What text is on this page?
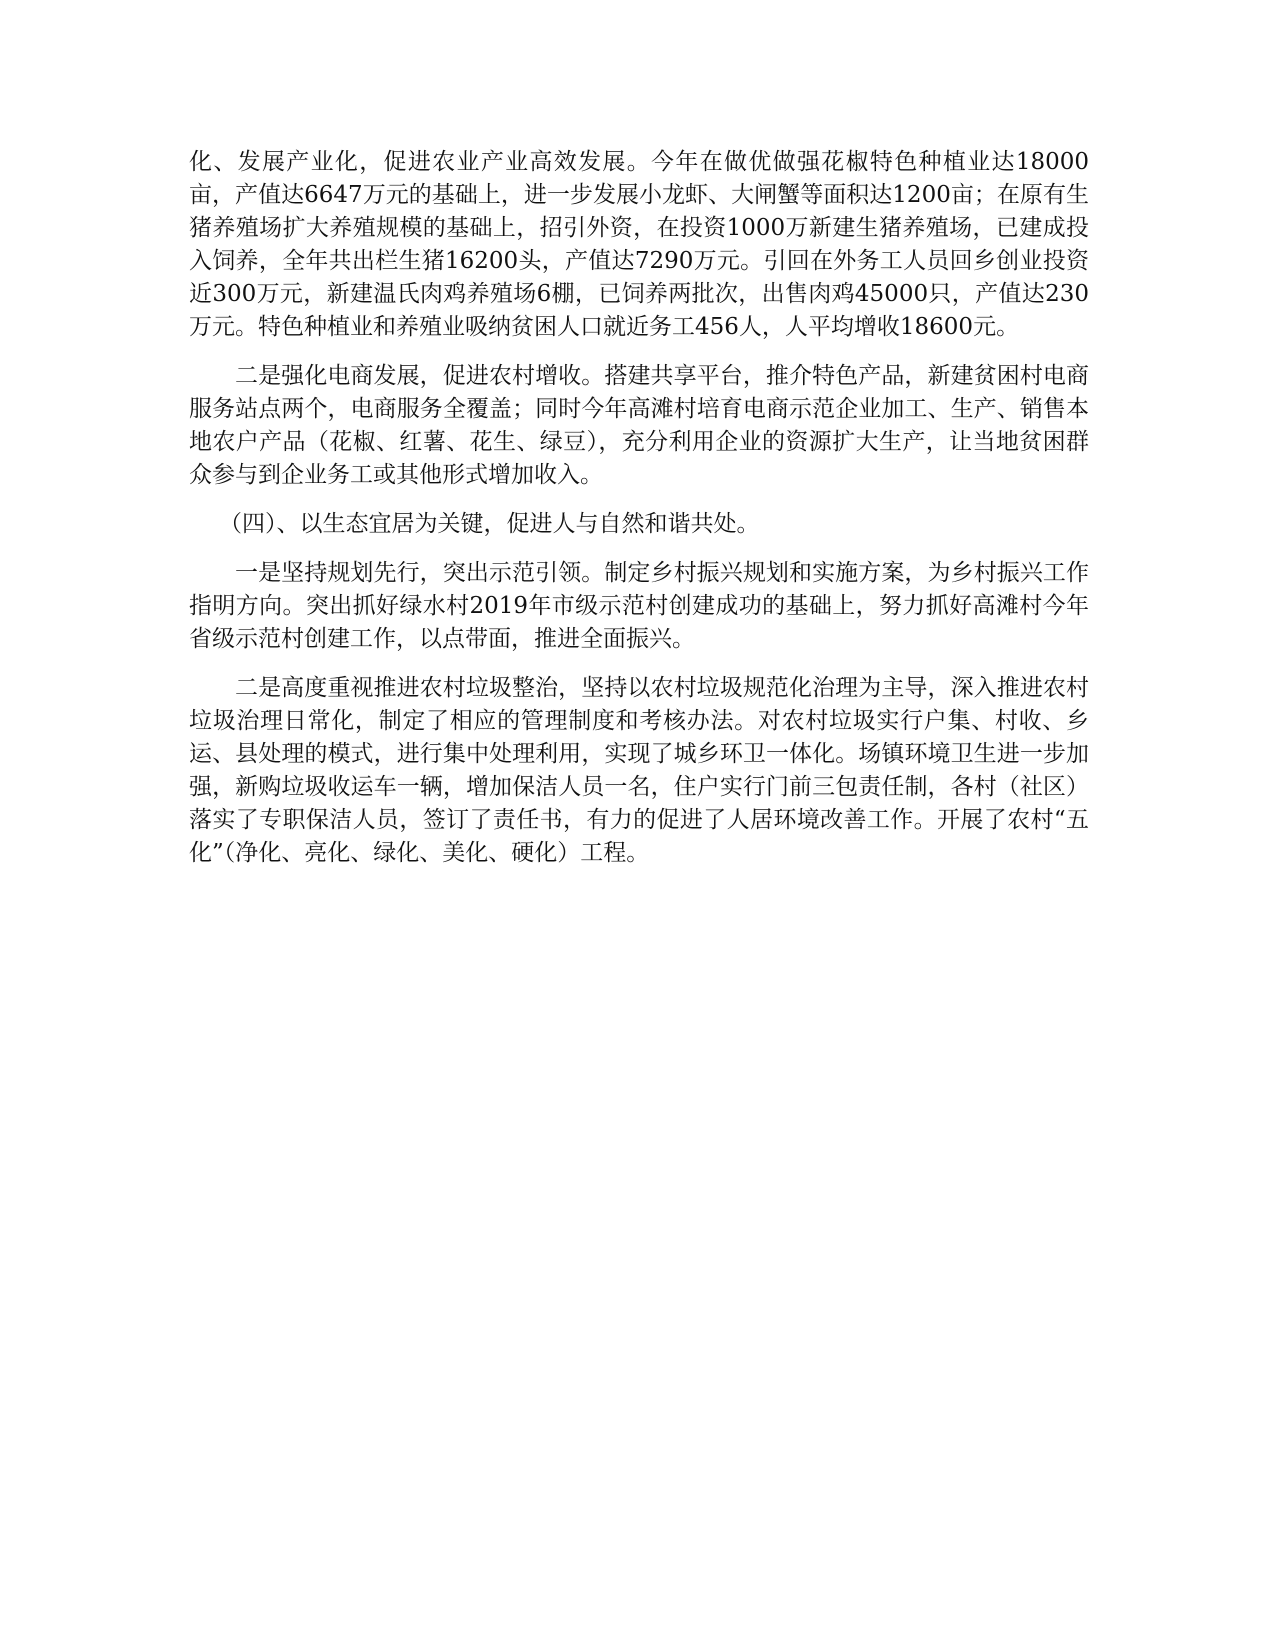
化、发展产业化，促进农业产业高效发展。今年在做优做强花椒特色种植业达18000亩，产值达6647万元的基础上，进一步发展小龙虾、大闸蟹等面积达1200亩；在原有生猪养殖场扩大养殖规模的基础上，招引外资，在投资1000万新建生猪养殖场，已建成投入饲养，全年共出栏生猪16200头，产值达7290万元。引回在外务工人员回乡创业投资近300万元，新建温氏肉鸡养殖场6棚，已饲养两批次，出售肉鸡45000只，产值达230万元。特色种植业和养殖业吸纳贫困人口就近务工456人，人平均增收18600元。

二是强化电商发展，促进农村增收。搭建共享平台，推介特色产品，新建贫困村电商服务站点两个，电商服务全覆盖；同时今年高滩村培育电商示范企业加工、生产、销售本地农户产品（花椒、红薯、花生、绿豆），充分利用企业的资源扩大生产，让当地贫困群众参与到企业务工或其他形式增加收入。

（四）、以生态宜居为关键，促进人与自然和谐共处。

一是坚持规划先行，突出示范引领。制定乡村振兴规划和实施方案，为乡村振兴工作指明方向。突出抓好绿水村2019年市级示范村创建成功的基础上，努力抓好高滩村今年省级示范村创建工作，以点带面，推进全面振兴。

二是高度重视推进农村垃圾整治，坚持以农村垃圾规范化治理为主导，深入推进农村垃圾治理日常化，制定了相应的管理制度和考核办法。对农村垃圾实行户集、村收、乡运、县处理的模式，进行集中处理利用，实现了城乡环卫一体化。场镇环境卫生进一步加强，新购垃圾收运车一辆，增加保洁人员一名，住户实行门前三包责任制，各村（社区）落实了专职保洁人员，签订了责任书，有力的促进了人居环境改善工作。开展了农村“五化”（净化、亮化、绿化、美化、硬化）工程。
